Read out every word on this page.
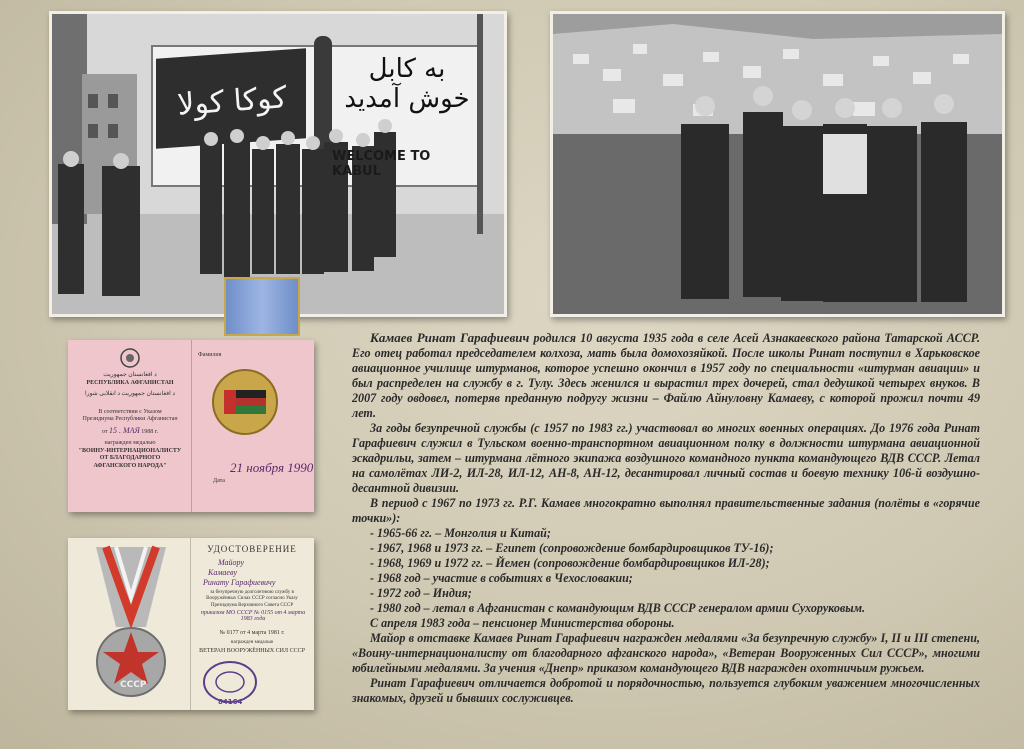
به کابل خوش آمدید
کوکا کولا
WELCOME TO KABUL
د افغانستان جمهوریت
РЕСПУБЛИКА АФГАНИСТАН
د افغانستان جمهوریت د انقلابی شورا
В соответствии с Указом
Президиума Республики Афганистан
от 15 . МАЯ 1988 г.
награжден медалью
"ВОИНУ-ИНТЕРНАЦИОНАЛИСТУ
ОТ БЛАГОДАРНОГО
АФГАНСКОГО НАРОДА"
Фамилия
21 ноября 1990
Дата
СССР
УДОСТОВЕРЕНИЕ
Майору
Камаеву
Ринату Гарафиевичу
за безупречную долголетнюю службу в Вооружённых Силах СССР согласно Указу Президиума Верховного Совета СССР
приказом МО СССР № 0155 от 4 марта 1983 года
№ 0177 от 4 марта 1981 г.
награжден медалью
ВЕТЕРАН ВООРУЖЁННЫХ СИЛ СССР
84164

Камаев Ринат Гарафиевич родился 10 августа 1935 года в селе Асей Азнакаевского района Татарской АССР. Его отец работал председателем колхоза, мать была домохозяйкой. После школы Ринат поступил в Харьковское авиационное училище штурманов, которое успешно окончил в 1957 году по специальности «штурман авиации» и был распределен на службу в г. Тулу. Здесь женился и вырастил трех дочерей, стал дедушкой четырех внуков. В 2007 году овдовел, потеряв преданную подругу жизни – Файлю Айнуловну Камаеву, с которой прожил почти 49 лет.

За годы безупречной службы (с 1957 по 1983 гг.) участвовал во многих военных операциях. До 1976 года Ринат Гарафиевич служил в Тульском военно-транспортном авиационном полку в должности штурмана авиационной эскадрильи, затем – штурмана лётного экипажа воздушного командного пункта командующего ВДВ СССР. Летал на самолётах ЛИ-2, ИЛ-28, ИЛ-12, АН-8, АН-12, десантировал личный состав и боевую технику 106-й воздушно-десантной дивизии.

В период с 1967 по 1973 гг. Р.Г. Камаев многократно выполнял правительственные задания (полёты в «горячие точки»):

- 1965-66 гг. – Монголия и Китай;
- 1967, 1968 и 1973 гг. – Египет (сопровождение бомбардировщиков ТУ-16);
- 1968, 1969 и 1972 гг. – Йемен (сопровождение бомбардировщиков ИЛ-28);
- 1968 год – участие в событиях в Чехословакии;
- 1972 год – Индия;
- 1980 год – летал в Афганистан с командующим ВДВ СССР генералом армии Сухоруковым.

С апреля 1983 года – пенсионер Министерства обороны.

Майор в отставке Камаев Ринат Гарафиевич награжден медалями «За безупречную службу» I, II и III степени, «Воину-интернационалисту от благодарного афганского народа», «Ветеран Вооруженных Сил СССР», многими юбилейными медалями. За учения «Днепр» приказом командующего ВДВ награжден охотничьим ружьем.

Ринат Гарафиевич отличается добротой и порядочностью, пользуется глубоким уважением многочисленных знакомых, друзей и бывших сослуживцев.
